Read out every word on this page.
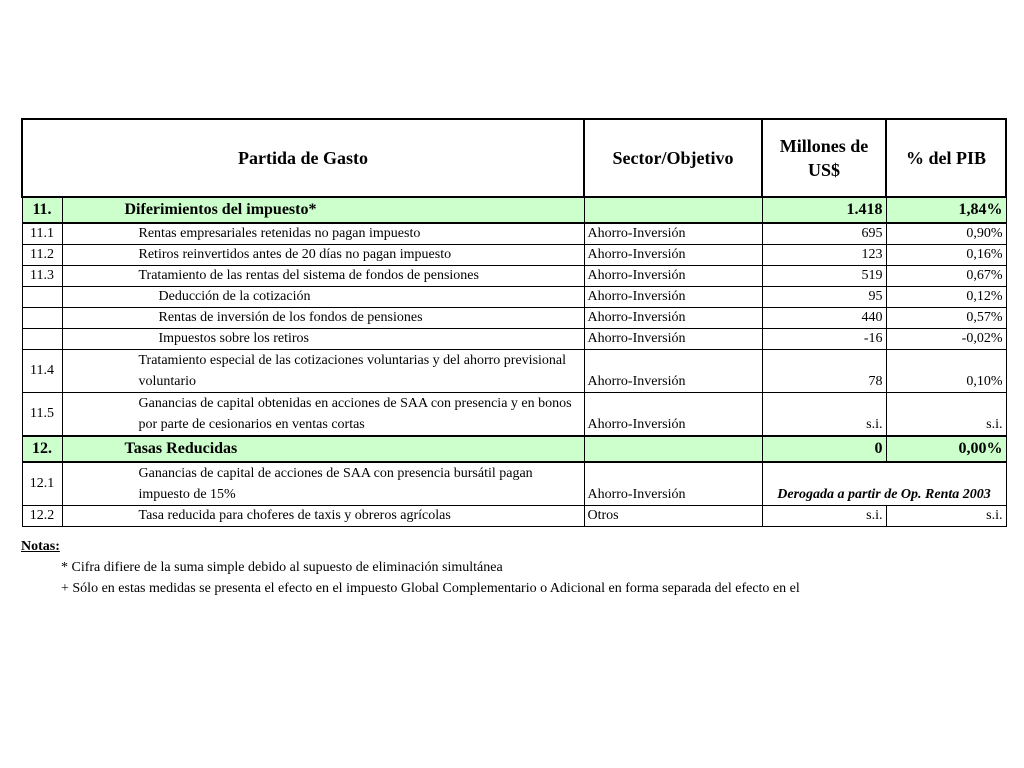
Partida de Gasto		Sector/Objetivo	Millones de US$	% del PIB
11.	Diferimientos del impuesto*		1.418	1,84%
11.1	Rentas empresariales retenidas no pagan impuesto	Ahorro-Inversión	695	0,90%
11.2	Retiros reinvertidos antes de 20 días no pagan impuesto	Ahorro-Inversión	123	0,16%
11.3	Tratamiento de las rentas del sistema de fondos de pensiones	Ahorro-Inversión	519	0,67%
	Deducción de la cotización	Ahorro-Inversión	95	0,12%
	Rentas de inversión de los fondos de pensiones	Ahorro-Inversión	440	0,57%
	Impuestos sobre los retiros	Ahorro-Inversión	-16	-0,02%
11.4	Tratamiento especial de las cotizaciones voluntarias y del ahorro previsional voluntario	Ahorro-Inversión	78	0,10%
11.5	Ganancias de capital obtenidas en acciones de SAA con presencia y en bonos por parte de cesionarios en ventas cortas	Ahorro-Inversión	s.i.	s.i.
12.	Tasas Reducidas		0	0,00%
12.1	Ganancias de capital de acciones de SAA con presencia bursátil pagan impuesto de 15%	Ahorro-Inversión	Derogada a partir de Op. Renta 2003	
12.2	Tasa reducida para choferes de taxis y obreros agrícolas	Otros	s.i.	s.i.
Notas:
* Cifra difiere de la suma simple debido al supuesto de eliminación simultánea
+ Sólo en estas medidas se presenta el efecto en el impuesto Global Complementario o Adicional en forma separada del efecto en el
